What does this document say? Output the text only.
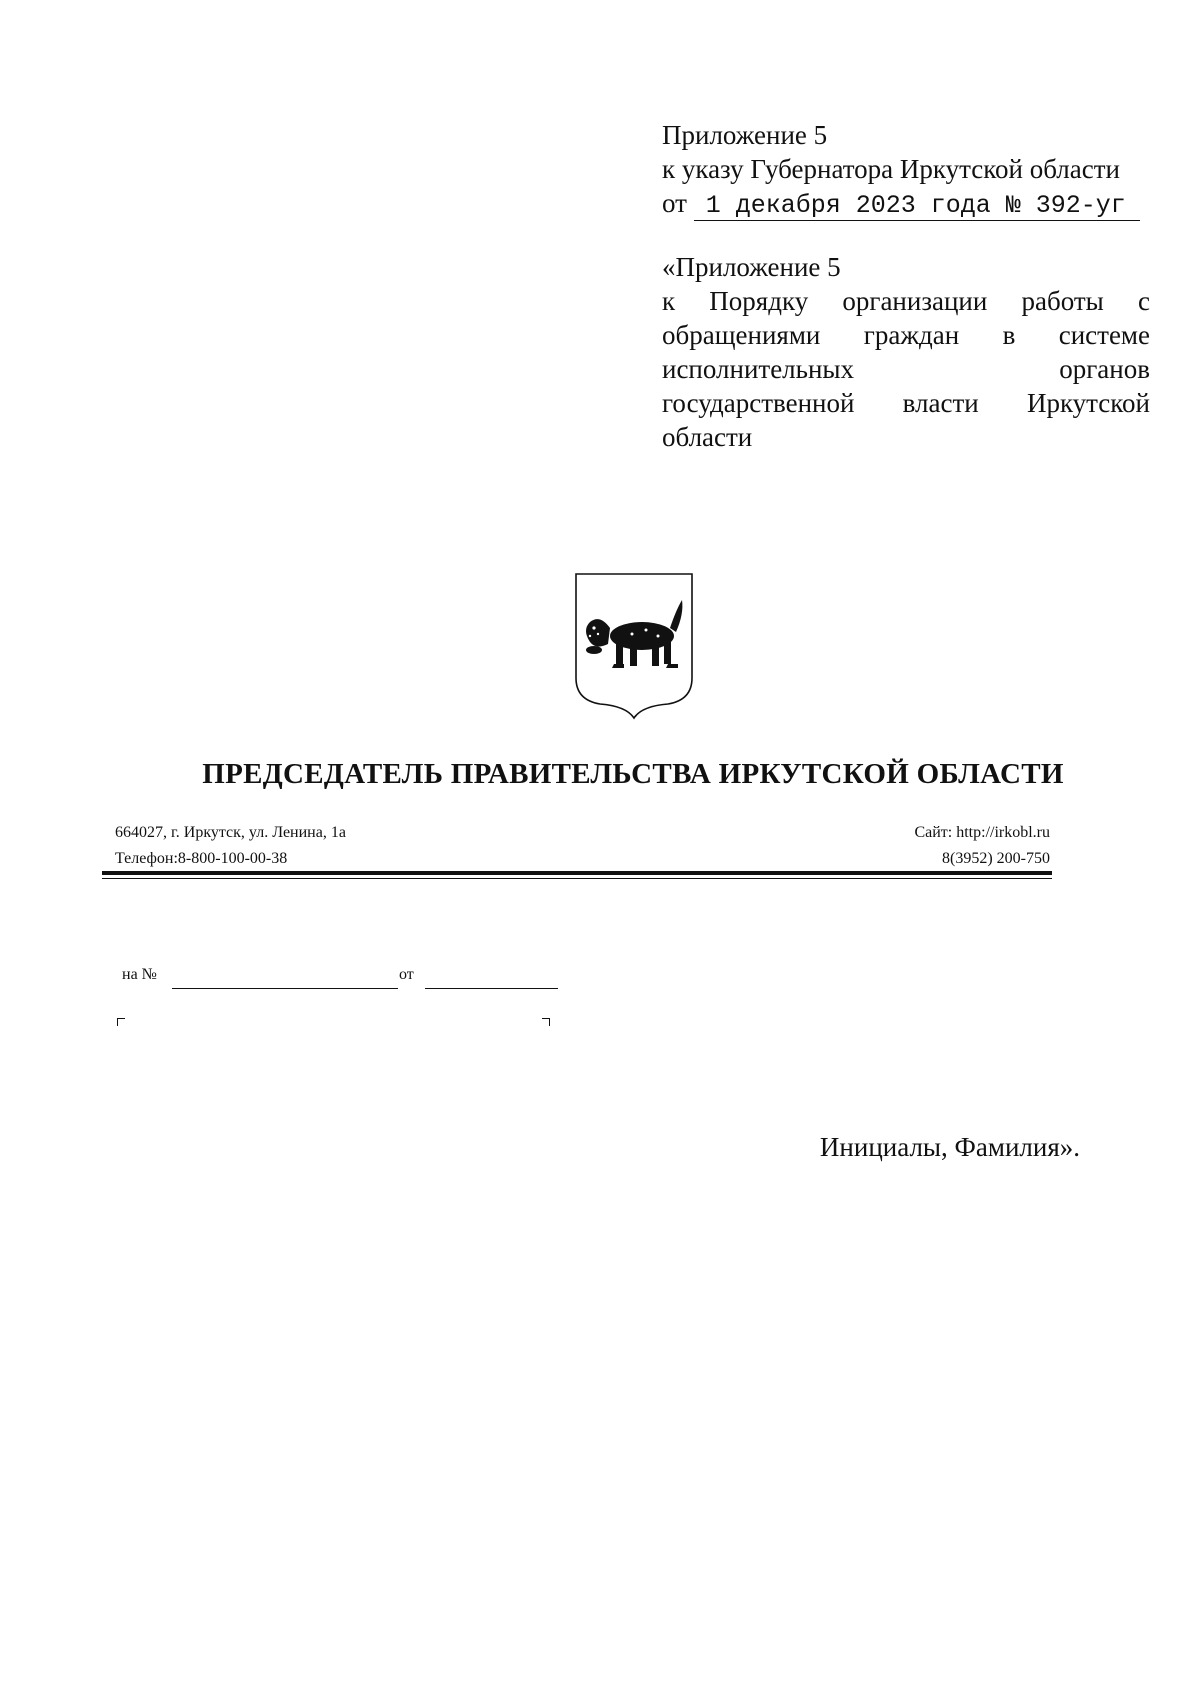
Приложение 5
к указу Губернатора Иркутской области
от 1 декабря 2023 года № 392-уг
«Приложение 5
к Порядку организации работы с
обращениями граждан в системе
исполнительных органов
государственной власти Иркутской
области
ПРЕДСЕДАТЕЛЬ ПРАВИТЕЛЬСТВА ИРКУТСКОЙ ОБЛАСТИ
664027, г. Иркутск, ул. Ленина, 1а
Телефон:8-800-100-00-38
Сайт: http://irkobl.ru
8(3952) 200-750
на №	от
Инициалы, Фамилия».
